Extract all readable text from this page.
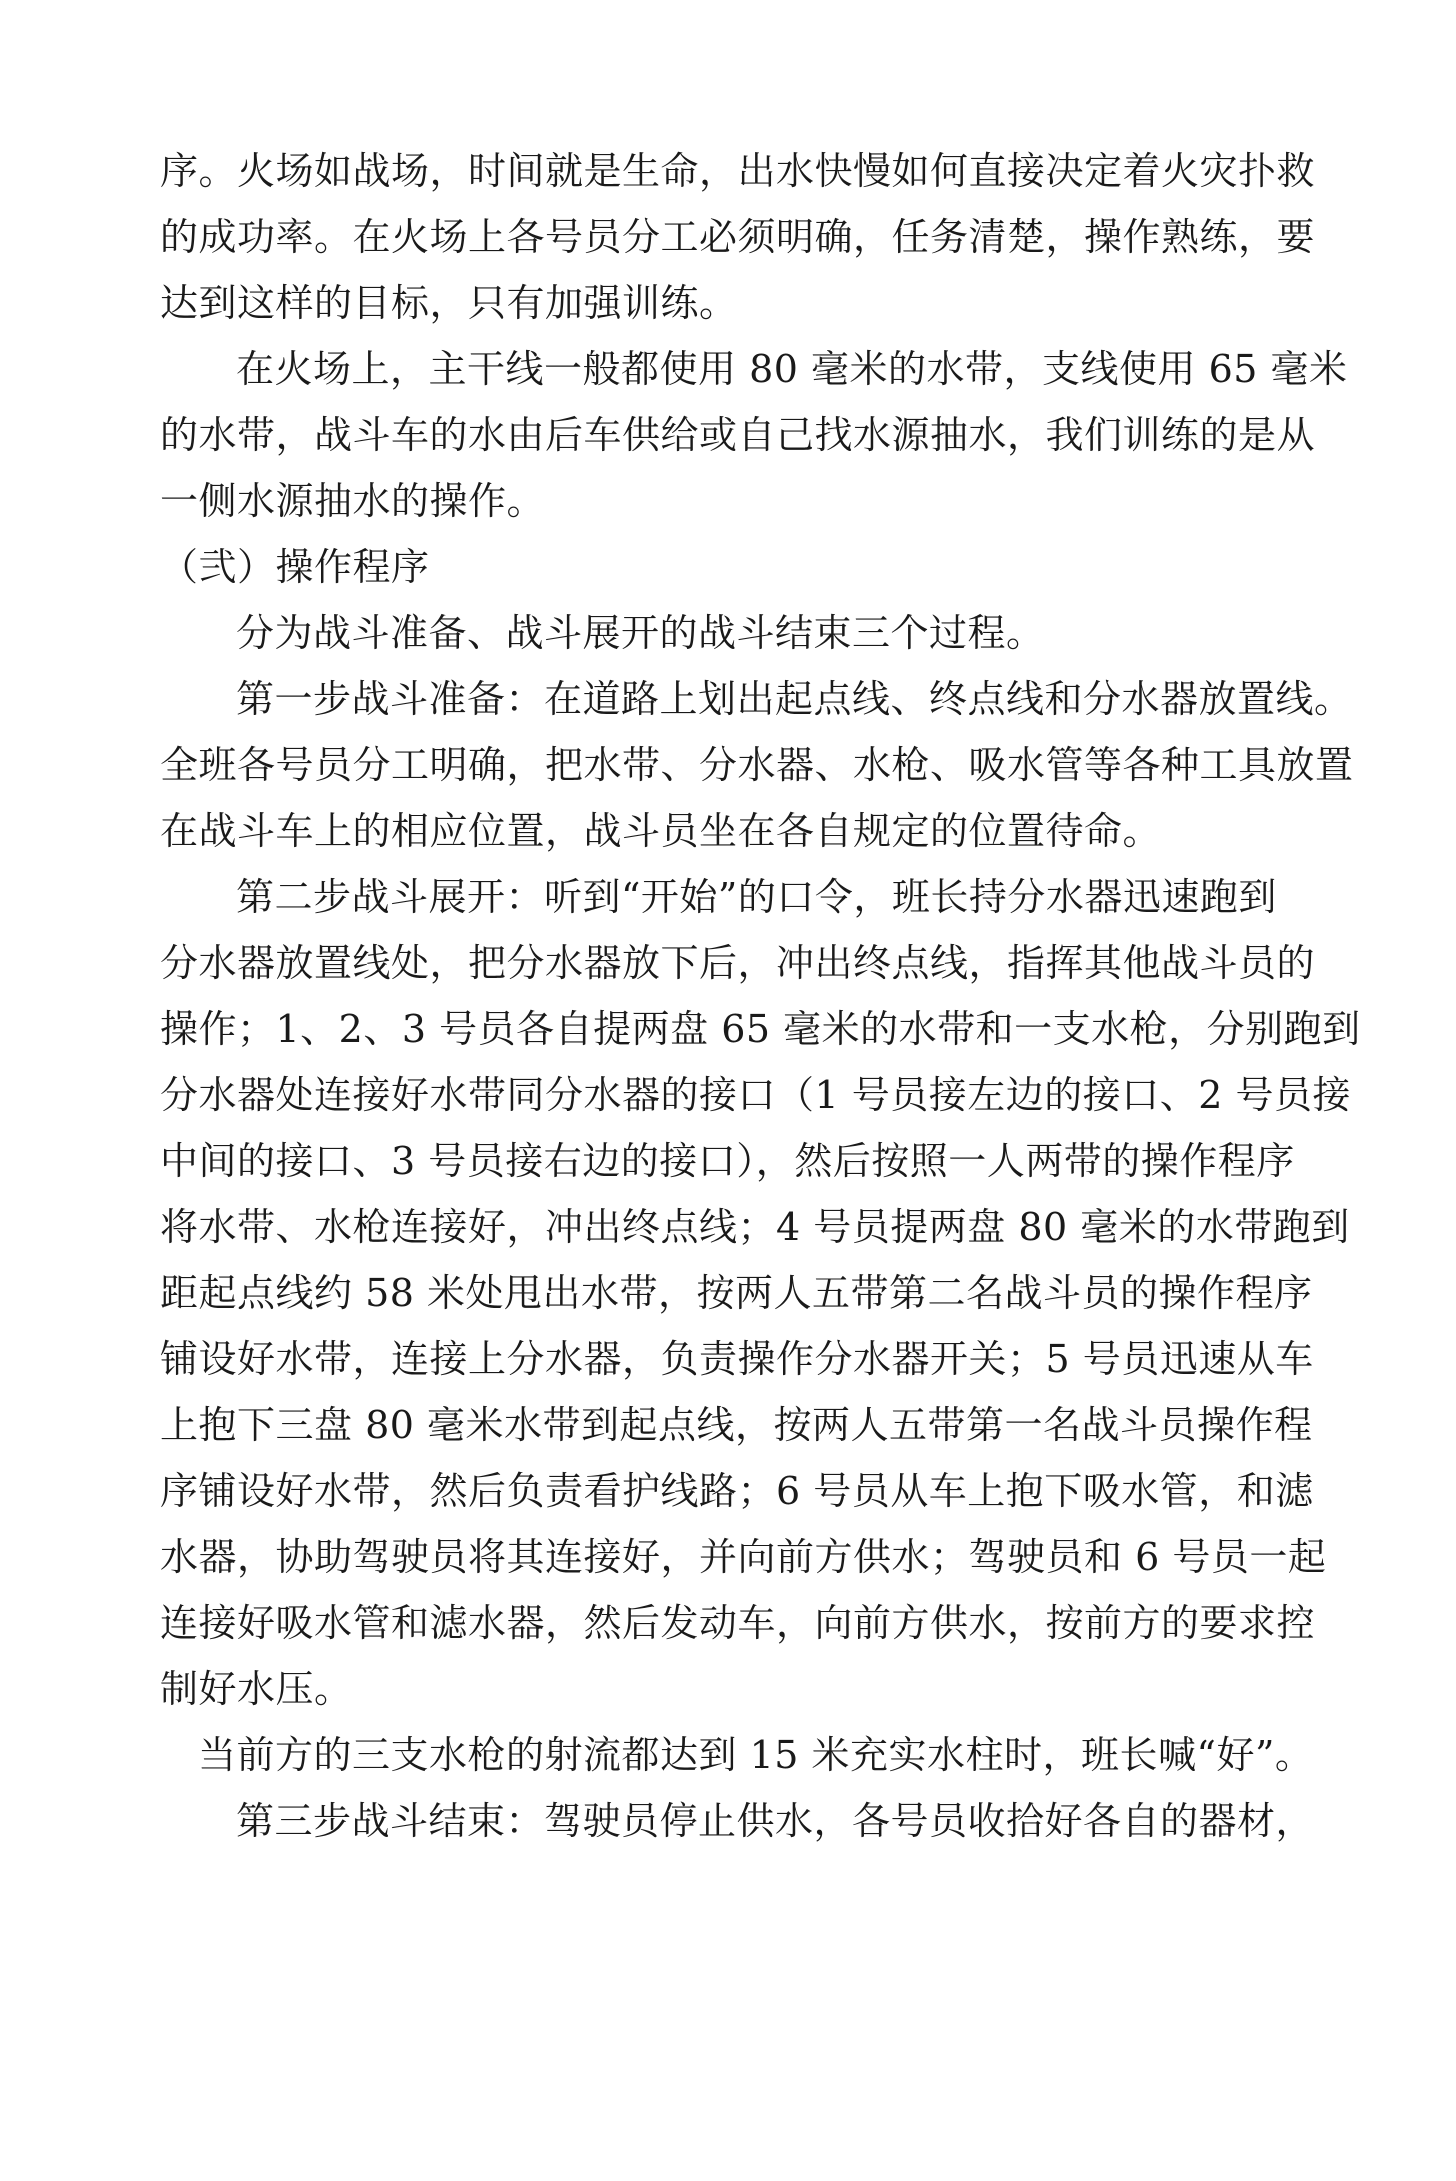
序。火场如战场，时间就是生命，出水快慢如何直接决定着火灾扑救
的成功率。在火场上各号员分工必须明确，任务清楚，操作熟练，要
达到这样的目标，只有加强训练。
在火场上，主干线一般都使用 80 毫米的水带，支线使用 65 毫米
的水带，战斗车的水由后车供给或自己找水源抽水，我们训练的是从
一侧水源抽水的操作。
（弐）操作程序
分为战斗准备、战斗展开的战斗结束三个过程。
第一步战斗准备：在道路上划出起点线、终点线和分水器放置线。
全班各号员分工明确，把水带、分水器、水枪、吸水管等各种工具放置
在战斗车上的相应位置，战斗员坐在各自规定的位置待命。
第二步战斗展开：听到“开始”的口令，班长持分水器迅速跑到
分水器放置线处，把分水器放下后，冲出终点线，指挥其他战斗员的
操作；1、2、3 号员各自提两盘 65 毫米的水带和一支水枪，分别跑到
分水器处连接好水带同分水器的接口（1 号员接左边的接口、2 号员接
中间的接口、3 号员接右边的接口），然后按照一人两带的操作程序
将水带、水枪连接好，冲出终点线；4 号员提两盘 80 毫米的水带跑到
距起点线约 58 米处甩出水带，按两人五带第二名战斗员的操作程序
铺设好水带，连接上分水器，负责操作分水器开关；5 号员迅速从车
上抱下三盘 80 毫米水带到起点线，按两人五带第一名战斗员操作程
序铺设好水带，然后负责看护线路；6 号员从车上抱下吸水管，和滤
水器，协助驾驶员将其连接好，并向前方供水；驾驶员和 6 号员一起
连接好吸水管和滤水器，然后发动车，向前方供水，按前方的要求控
制好水压。
当前方的三支水枪的射流都达到 15 米充实水柱时，班长喊“好”。
第三步战斗结束：驾驶员停止供水，各号员收拾好各自的器材，
